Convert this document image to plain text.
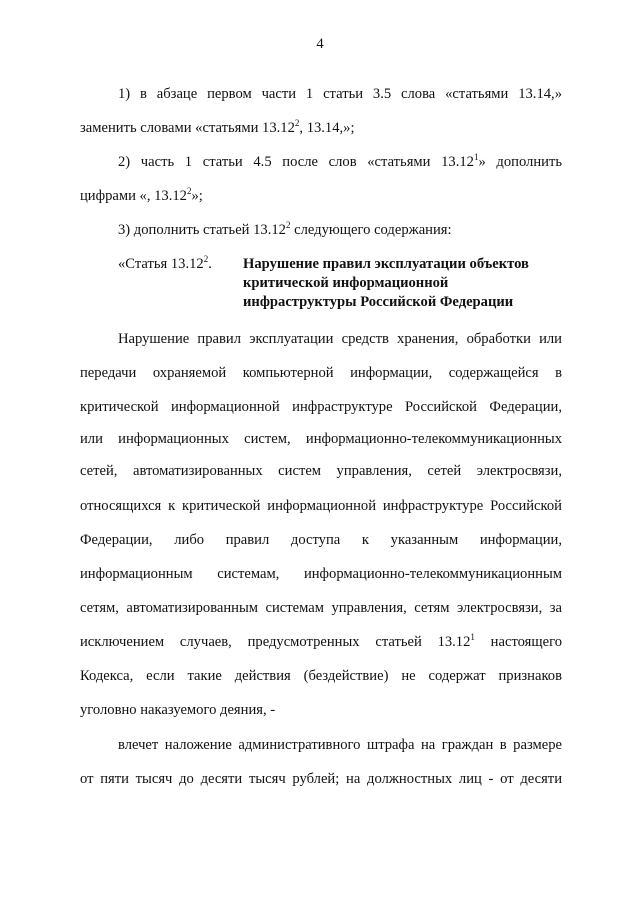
4
«Статья 13.12$^2$. Нарушение правил эксплуатации объектов
критической информационной
инфраструктуры Российской Федерации
1) в абзаце первом части 1 статьи 3.5 слова «статьями 13.14,»
заменить словами «статьями 13.12$^2$, 13.14,»;
2) часть 1 статьи 4.5 после слов «статьями 13.12$^1$» дополнить
цифрами «, 13.12$^2$»;
3) дополнить статьей 13.12$^2$ следующего содержания:
Нарушение правил эксплуатации средств хранения, обработки или
передачи охраняемой компьютерной информации, содержащейся в
критической информационной инфраструктуре Российской Федерации,
или информационных систем, информационно-телекоммуникационных
сетей, автоматизированных систем управления, сетей электросвязи,
относящихся к критической информационной инфраструктуре Российской
Федерации, либо правил доступа к указанным информации,
информационным системам, информационно-телекоммуникационным
сетям, автоматизированным системам управления, сетям электросвязи, за
исключением случаев, предусмотренных статьей 13.12$^1$ настоящего
Кодекса, если такие действия (бездействие) не содержат признаков
уголовно наказуемого деяния, -
влечет наложение административного штрафа на граждан в размере
от пяти тысяч до десяти тысяч рублей; на должностных лиц - от десяти
